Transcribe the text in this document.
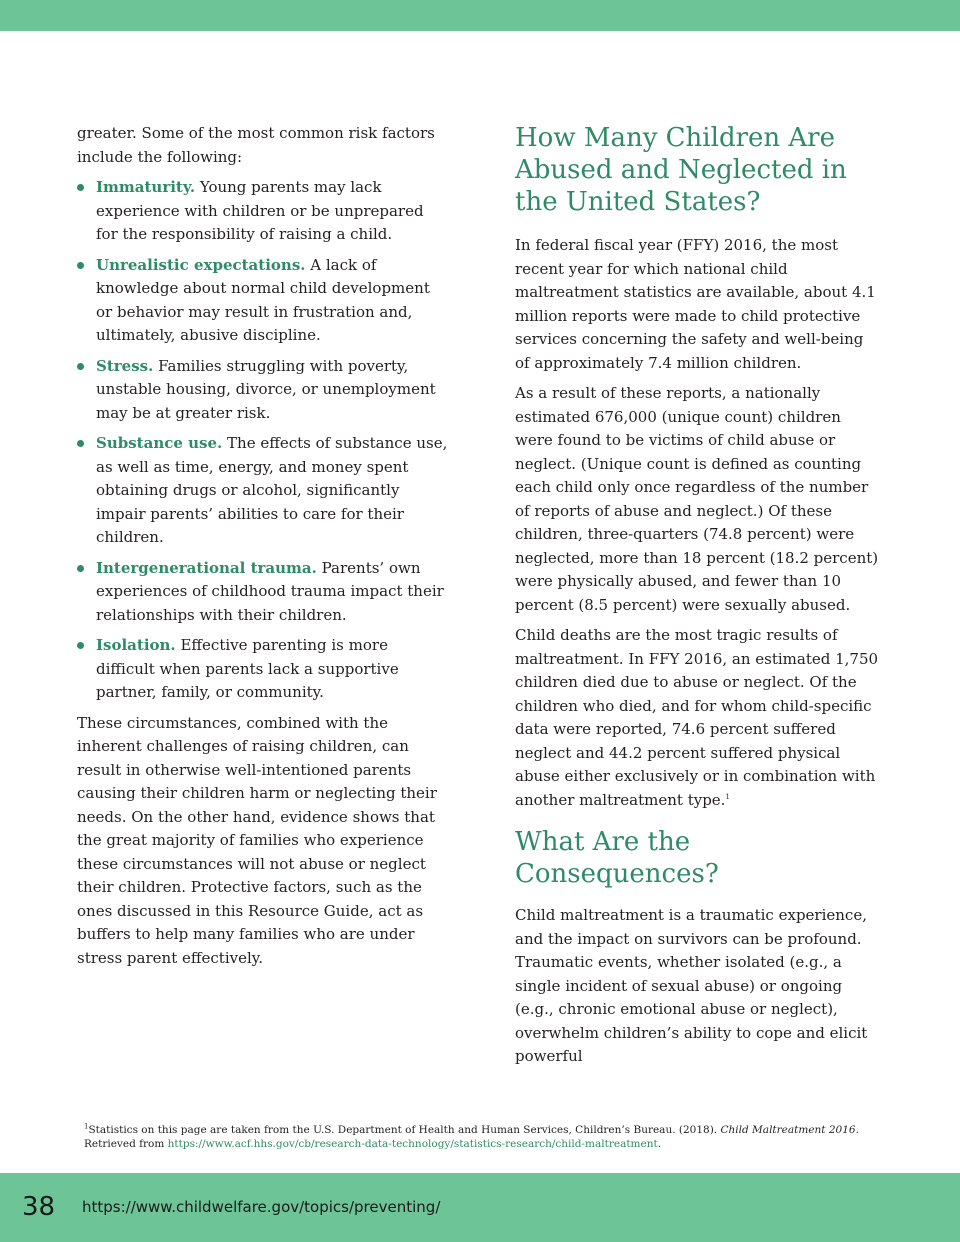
greater. Some of the most common risk factors include the following:

Immaturity. Young parents may lack experience with children or be unprepared for the responsibility of raising a child.
Unrealistic expectations. A lack of knowledge about normal child development or behavior may result in frustration and, ultimately, abusive discipline.
Stress. Families struggling with poverty, unstable housing, divorce, or unemployment may be at greater risk.
Substance use. The effects of substance use, as well as time, energy, and money spent obtaining drugs or alcohol, significantly impair parents’ abilities to care for their children.
Intergenerational trauma. Parents’ own experiences of childhood trauma impact their relationships with their children.
Isolation. Effective parenting is more difficult when parents lack a supportive partner, family, or community.

These circumstances, combined with the inherent challenges of raising children, can result in otherwise well-intentioned parents causing their children harm or neglecting their needs. On the other hand, evidence shows that the great majority of families who experience these circumstances will not abuse or neglect their children. Protective factors, such as the ones discussed in this Resource Guide, act as buffers to help many families who are under stress parent effectively.

How Many Children Are Abused and Neglected in the United States?

In federal fiscal year (FFY) 2016, the most recent year for which national child maltreatment statistics are available, about 4.1 million reports were made to child protective services concerning the safety and well-being of approximately 7.4 million children.

As a result of these reports, a nationally estimated 676,000 (unique count) children were found to be victims of child abuse or neglect. (Unique count is defined as counting each child only once regardless of the number of reports of abuse and neglect.) Of these children, three-quarters (74.8 percent) were neglected, more than 18 percent (18.2 percent) were physically abused, and fewer than 10 percent (8.5 percent) were sexually abused.

Child deaths are the most tragic results of maltreatment. In FFY 2016, an estimated 1,750 children died due to abuse or neglect. Of the children who died, and for whom child-specific data were reported, 74.6 percent suffered neglect and 44.2 percent suffered physical abuse either exclusively or in combination with another maltreatment type.$^1$

What Are the Consequences?

Child maltreatment is a traumatic experience, and the impact on survivors can be profound. Traumatic events, whether isolated (e.g., a single incident of sexual abuse) or ongoing (e.g., chronic emotional abuse or neglect), overwhelm children’s ability to cope and elicit powerful

$^1$Statistics on this page are taken from the U.S. Department of Health and Human Services, Children’s Bureau. (2018). Child Maltreatment 2016.
Retrieved from https://www.acf.hhs.gov/cb/research-data-technology/statistics-research/child-maltreatment.
38 https://www.childwelfare.gov/topics/preventing/
